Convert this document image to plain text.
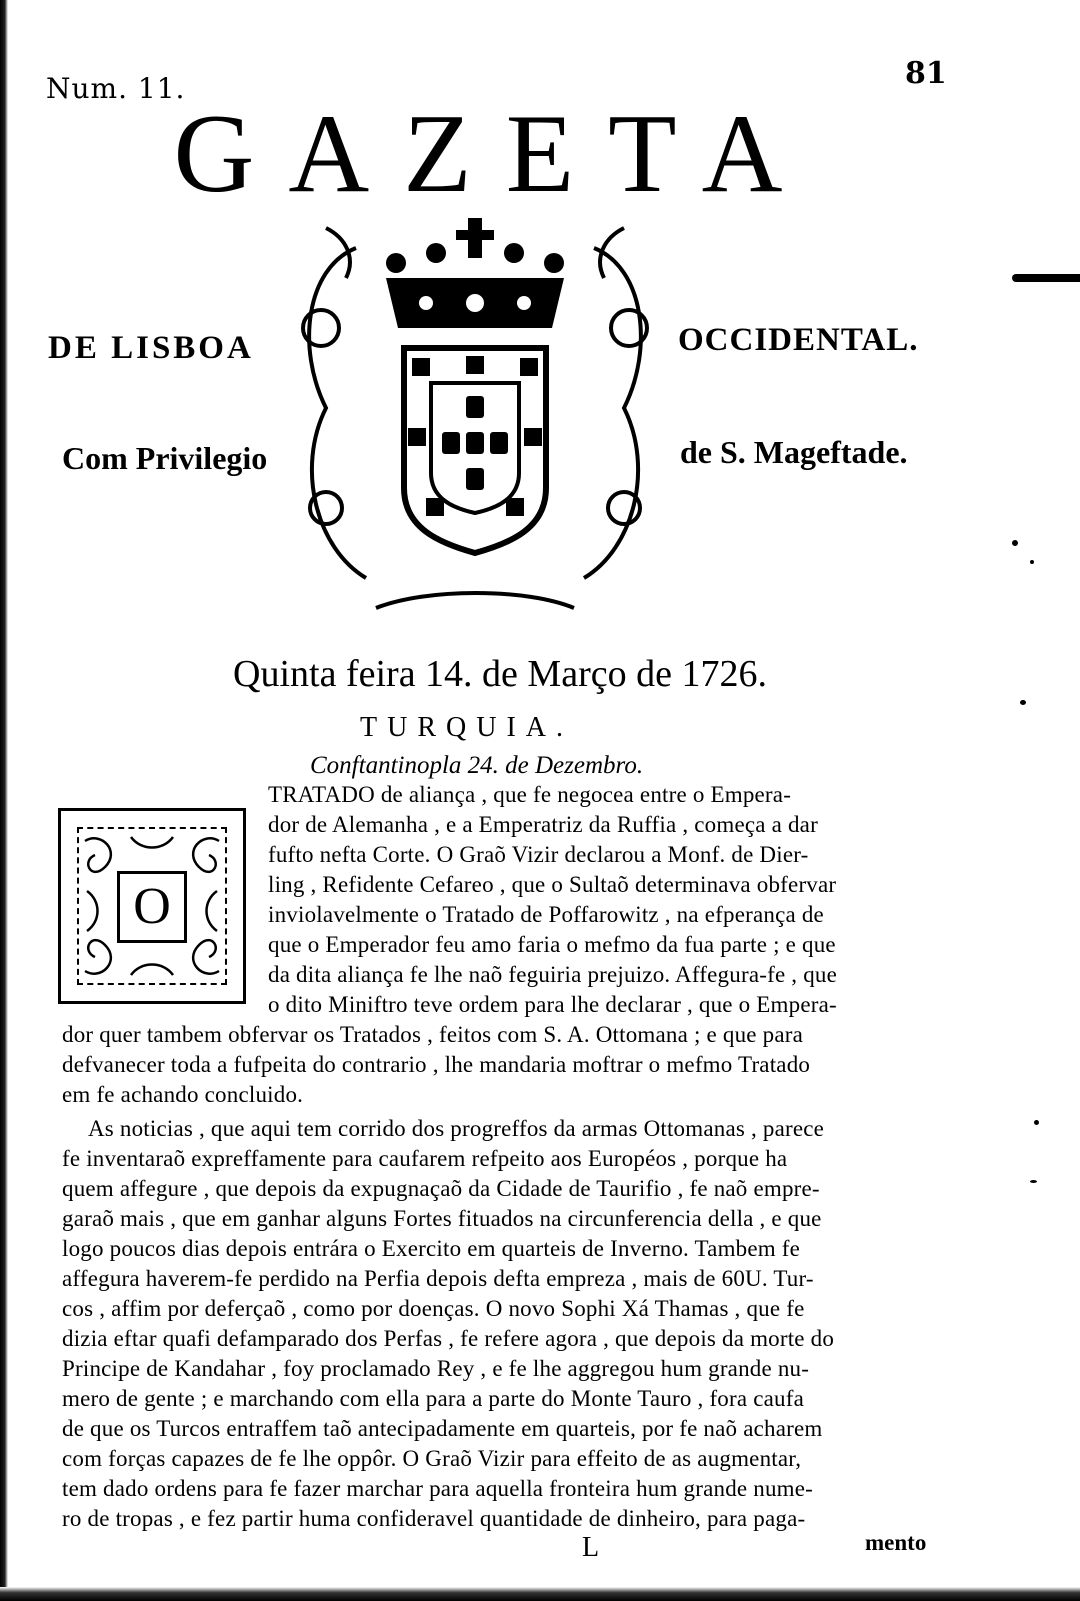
Num. 11.	81
GAZETA
DE LISBOA	OCCIDENTAL.
Com Privilegio	de S. Mageftade.
Quinta feira 14. de Março de 1726.
TURQUIA.
Conftantinopla 24. de Dezembro.
O
TRATADO de aliança , que fe negocea entre o Empera-
dor de Alemanha , e a Emperatriz da Ruffia , começa a dar
fufto nefta Corte. O Graõ Vizir declarou a Monf. de Dier-
ling , Refidente Cefareo , que o Sultaõ determinava obfervar
inviolavelmente o Tratado de Poffarowitz , na efperança de
que o Emperador feu amo faria o mefmo da fua parte ; e que
da dita aliança fe lhe naõ feguiria prejuizo. Affegura-fe , que
o dito Miniftro teve ordem para lhe declarar , que o Empera-
dor quer tambem obfervar os Tratados , feitos com S. A. Ottomana ; e que para
defvanecer toda a fufpeita do contrario , lhe mandaria moftrar o mefmo Tratado
em fe achando concluido.
As noticias , que aqui tem corrido dos progreffos da armas Ottomanas , parece
fe inventaraõ expreffamente para caufarem refpeito aos Européos , porque ha
quem affegure , que depois da expugnaçaõ da Cidade de Taurifio , fe naõ empre-
garaõ mais , que em ganhar alguns Fortes fituados na circunferencia della , e que
logo poucos dias depois entrára o Exercito em quarteis de Inverno. Tambem fe
affegura haverem-fe perdido na Perfia depois defta empreza , mais de 60U. Tur-
cos , affim por deferçaõ , como por doenças. O novo Sophi Xá Thamas , que fe
dizia eftar quafi defamparado dos Perfas , fe refere agora , que depois da morte do
Principe de Kandahar , foy proclamado Rey , e fe lhe aggregou hum grande nu-
mero de gente ; e marchando com ella para a parte do Monte Tauro , fora caufa
de que os Turcos entraffem taõ antecipadamente em quarteis, por fe naõ acharem
com forças capazes de fe lhe oppôr. O Graõ Vizir para effeito de as augmentar,
tem dado ordens para fe fazer marchar para aquella fronteira hum grande nume-
ro de tropas , e fez partir huma confideravel quantidade de dinheiro, para paga-
L	mento
